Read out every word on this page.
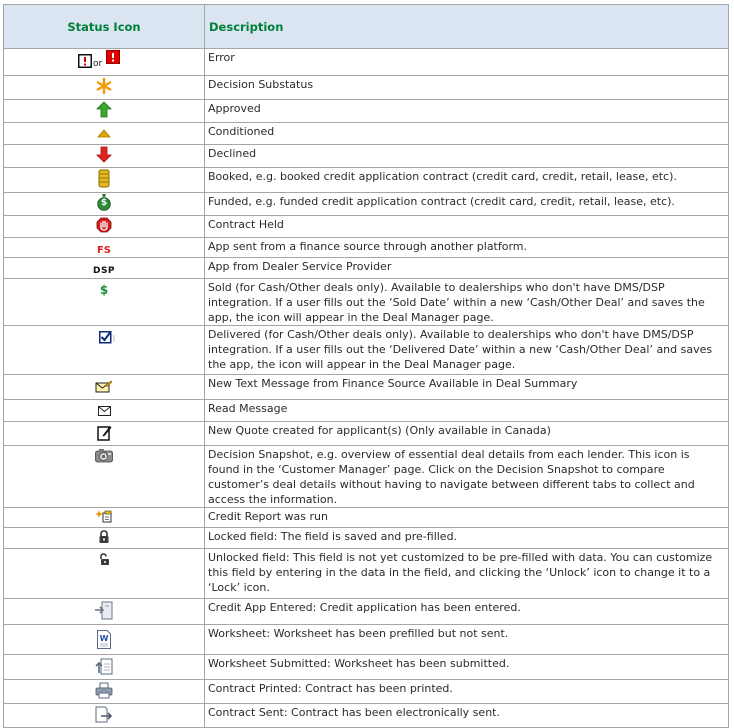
Status Icon	Description

or	Error
	Decision Substatus
	Approved
	Conditioned
	Declined
	Booked, e.g. booked credit application contract (credit card, credit, retail, lease, etc).

$	Funded, e.g. funded credit application contract (credit card, credit, retail, lease, etc).
	Contract Held
FS	App sent from a finance source through another platform.
DSP	App from Dealer Service Provider
$	Sold (for Cash/Other deals only). Available to dealerships who don't have DMS/DSP integration. If a user fills out the ‘Sold Date’ within a new ‘Cash/Other Deal’ and saves the app, the icon will appear in the Deal Manager page.
	Delivered (for Cash/Other deals only). Available to dealerships who don't have DMS/DSP integration. If a user fills out the ‘Delivered Date’ within a new ‘Cash/Other Deal’ and saves the app, the icon will appear in the Deal Manager page.
	New Text Message from Finance Source Available in Deal Summary
	Read Message
	New Quote created for applicant(s) (Only available in Canada)
	Decision Snapshot, e.g. overview of essential deal details from each lender. This icon is found in the ‘Customer Manager’ page. Click on the Decision Snapshot to compare customer’s deal details without having to navigate between different tabs to collect and access the information.
	Credit Report was run
	Locked field: The field is saved and pre-filled.
	Unlocked field: This field is not yet customized to be pre-filled with data. You can customize this field by entering in the data in the field, and clicking the ‘Unlock’ icon to change it to a ‘Lock’ icon.
	Credit App Entered: Credit application has been entered.

W	Worksheet: Worksheet has been prefilled but not sent.
	Worksheet Submitted: Worksheet has been submitted.
	Contract Printed: Contract has been printed.
	Contract Sent: Contract has been electronically sent.
